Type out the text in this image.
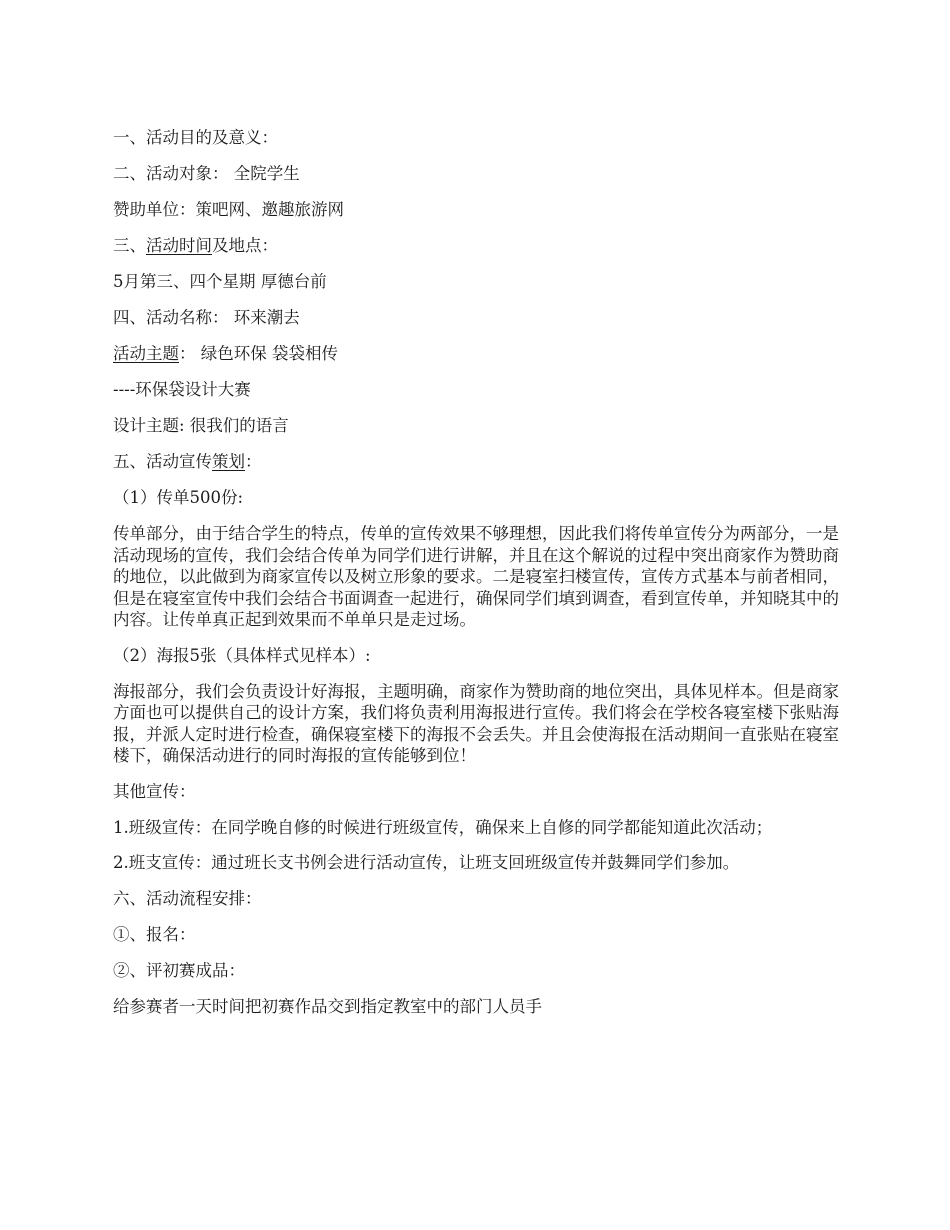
一、活动目的及意义：

二、活动对象： 全院学生

赞助单位：策吧网、邀趣旅游网

三、活动时间及地点：

5月第三、四个星期 厚德台前

四、活动名称： 环来潮去

活动主题： 绿色环保 袋袋相传

----环保袋设计大赛

设计主题: 很我们的语言

五、活动宣传策划：

（1）传单500份:

传单部分，由于结合学生的特点，传单的宣传效果不够理想，因此我们将传单宣传分为两部分，一是活动现场的宣传，我们会结合传单为同学们进行讲解，并且在这个解说的过程中突出商家作为赞助商的地位，以此做到为商家宣传以及树立形象的要求。二是寝室扫楼宣传，宣传方式基本与前者相同，但是在寝室宣传中我们会结合书面调查一起进行，确保同学们填到调查，看到宣传单，并知晓其中的内容。让传单真正起到效果而不单单只是走过场。

（2）海报5张（具体样式见样本）:

海报部分，我们会负责设计好海报，主题明确，商家作为赞助商的地位突出，具体见样本。但是商家方面也可以提供自己的设计方案，我们将负责利用海报进行宣传。我们将会在学校各寝室楼下张贴海报，并派人定时进行检查，确保寝室楼下的海报不会丢失。并且会使海报在活动期间一直张贴在寝室楼下，确保活动进行的同时海报的宣传能够到位！

其他宣传：

1.班级宣传：在同学晚自修的时候进行班级宣传，确保来上自修的同学都能知道此次活动；

2.班支宣传：通过班长支书例会进行活动宣传，让班支回班级宣传并鼓舞同学们参加。

六、活动流程安排：

①、报名：

②、评初赛成品：

给参赛者一天时间把初赛作品交到指定教室中的部门人员手
